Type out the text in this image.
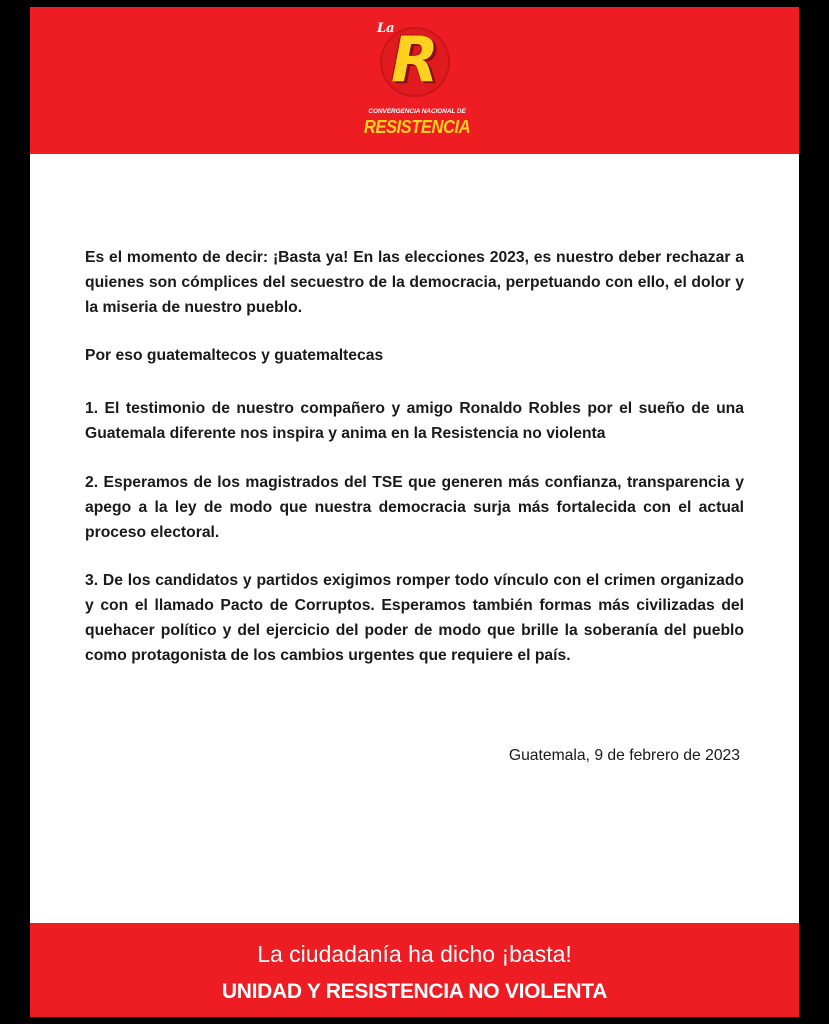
La
R
CONVERGENCIA NACIONAL DE
RESISTENCIA

Es el momento de decir: ¡Basta ya! En las elecciones 2023, es nuestro deber rechazar a quienes son cómplices del secuestro de la democracia, perpetuando con ello, el dolor y la miseria de nuestro pueblo.

Por eso guatemaltecos y guatemaltecas

1. El testimonio de nuestro compañero y amigo Ronaldo Robles por el sueño de una Guatemala diferente nos inspira y anima en la Resistencia no violenta

2. Esperamos de los magistrados del TSE que generen más confianza, transparencia y apego a la ley de modo que nuestra democracia surja más fortalecida con el actual proceso electoral.

3. De los candidatos y partidos exigimos romper todo vínculo con el crimen organizado y con el llamado Pacto de Corruptos. Esperamos también formas más civilizadas del quehacer político y del ejercicio del poder de modo que brille la soberanía del pueblo como protagonista de los cambios urgentes que requiere el país.

Guatemala, 9 de febrero de 2023
La ciudadanía ha dicho ¡basta!
UNIDAD Y RESISTENCIA NO VIOLENTA
